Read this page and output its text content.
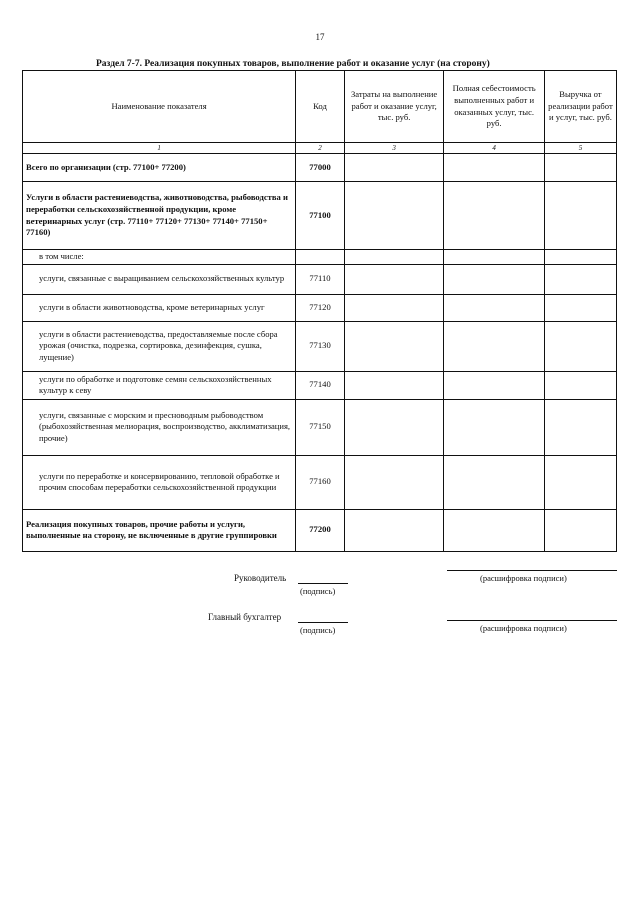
17
Раздел 7-7. Реализация покупных товаров, выполнение работ и оказание услуг (на сторону)
Наименование показателя	Код	Затраты на выполнение работ и оказание услуг, тыс. руб.	Полная себестоимость выполненных работ и оказанных услуг, тыс. руб.	Выручка от реализации работ и услуг, тыс. руб.
1	2	3	4	5
Всего по организации (стр. 77100+ 77200)	77000			
Услуги в области растениеводства, животноводства, рыбоводства и переработки сельскохозяйственной продукции, кроме ветеринарных услуг (стр. 77110+ 77120+ 77130+ 77140+ 77150+ 77160)	77100			
в том числе:				
услуги, связанные с выращиванием сельскохозяйственных культур	77110			
услуги в области животноводства, кроме ветеринарных услуг	77120			
услуги в области растениеводства, предоставляемые после сбора урожая (очистка, подрезка, сортировка, дезинфекция, сушка, лущение)	77130			
услуги по обработке и подготовке семян сельскохозяйственных культур к севу	77140			
услуги, связанные с морским и пресноводным рыбоводством (рыбохозяйственная мелиорация, воспроизводство, акклиматизация, прочие)	77150			
услуги по переработке и консервированию, тепловой обработке и прочим способам переработки сельскохозяйственной продукции	77160			
Реализация покупных товаров, прочие работы и услуги, выполненные на сторону, не включенные в другие группировки	77200			
Руководитель
(подпись)
(расшифровка подписи)
Главный бухгалтер
(подпись)	(расшифровка подписи)
